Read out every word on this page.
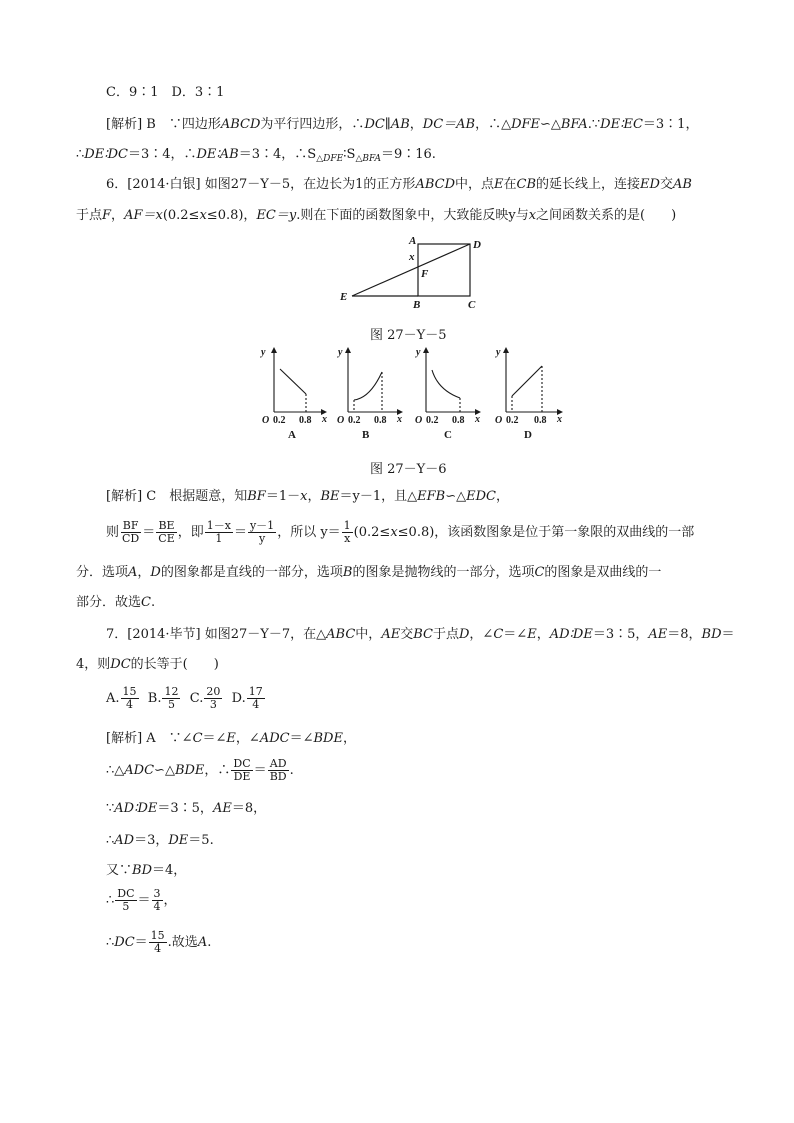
C．9∶1　D．3∶1
[解析] B　∵四边形ABCD为平行四边形，∴DC∥AB，DC＝AB，∴△DFE∽△BFA.∵DE∶EC＝3∶1，
∴DE∶DC＝3∶4，∴DE∶AB＝3∶4，$\therefore S_{\triangle DFE}∶S_{\triangle BFA}=9∶16$.
6．[2014·白银] 如图27－Y－5，在边长为1的正方形ABCD中，点E在CB的延长线上，连接ED交AB
于点F，AF＝x(0.2≤x≤0.8)，EC＝y.则在下面的函数图象中，大致能反映y与x之间函数关系的是(　　)
A	D
x
F
E
B	C
图 27－Y－5
y
O 0.2 0.8 x
A
y
O 0.2 0.8 x
B
y
O 0.2 0.8 x
C
y
O 0.2 0.8 x
D
图 27－Y－6
[解析] C　根据题意，知BF＝1－x，BE＝y－1，且△EFB∽△EDC，
则 $\frac{BF}{CD} = \frac{BE}{CE}$ ，即 $\frac{1-x}{1} = \frac{y-1}{y}$ ，所以 $y= \frac{1}{x} (0.2\le x\le 0.8)$，该函数图象是位于第一象限的双曲线的一部
分．选项A，D的图象都是直线的一部分，选项B的图象是抛物线的一部分，选项C的图象是双曲线的一
部分．故选C.
7．[2014·毕节] 如图27－Y－7，在△ABC中，AE交BC于点D，∠C＝∠E，AD∶DE＝3∶5，AE＝8，BD＝
4，则DC的长等于(　　)
A. $\frac{15}{4} B$. $\frac{12}{5} C$. $\frac{20}{3} D$. $\frac{17}{4}$
[解析] A　∵∠C＝∠E，∠ADC＝∠BDE，
∴△ADC∽△BDE，∴ $\frac{DC}{DE} = \frac{AD}{BD}$ .
∵AD∶DE＝3∶5，AE＝8，
∴AD＝3，DE＝5.
又∵BD＝4，
∴ $\frac{DC}{5} = \frac{3}{4}$ ，
∴DC＝ $\frac{15}{4}$ .故选A.
